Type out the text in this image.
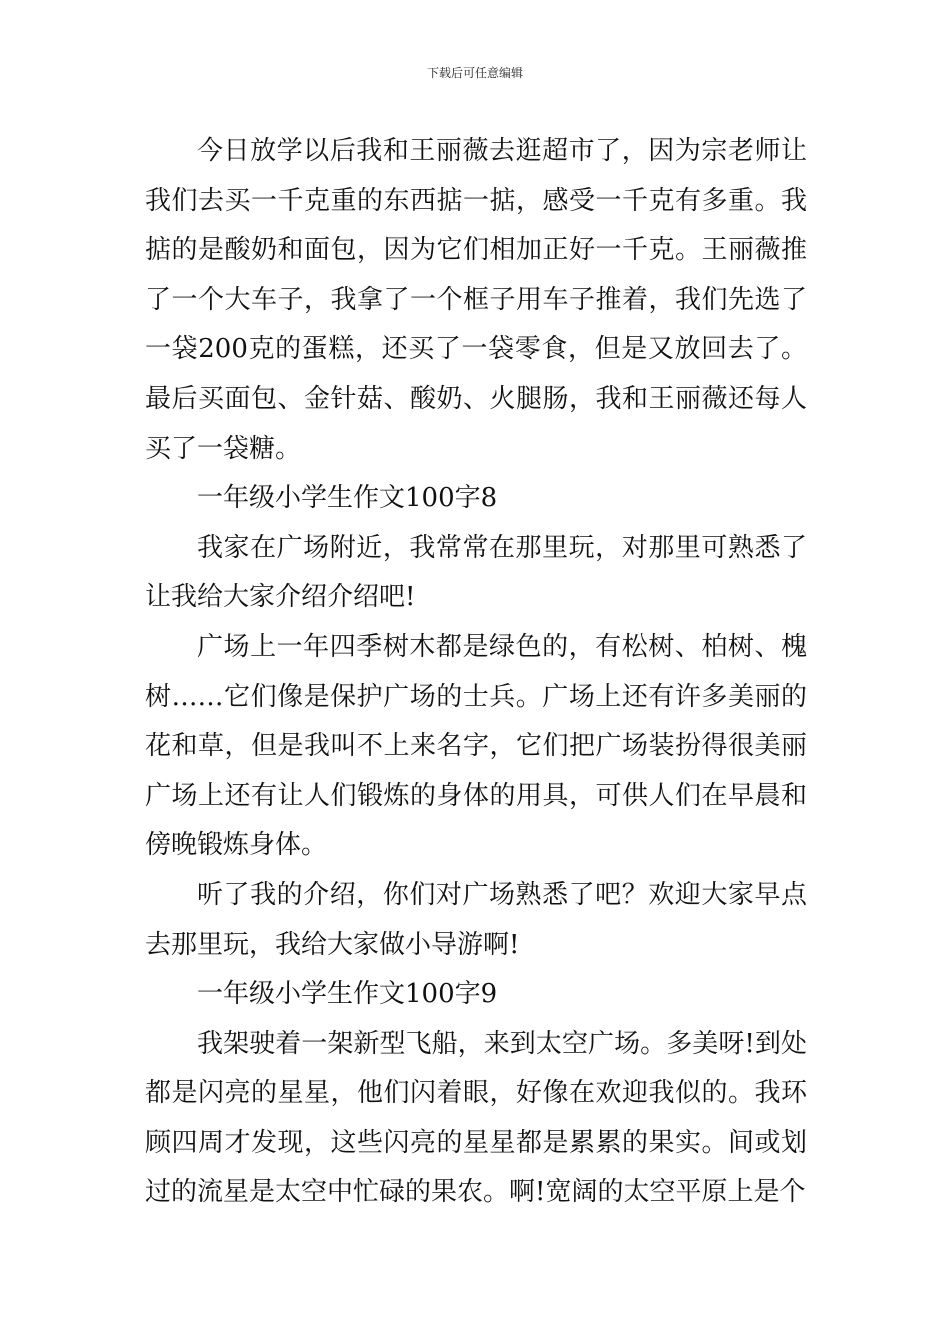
下载后可任意编辑

今日放学以后我和王丽薇去逛超市了，因为宗老师让我们去买一千克重的东西掂一掂，感受一千克有多重。我掂的是酸奶和面包，因为它们相加正好一千克。王丽薇推了一个大车子，我拿了一个框子用车子推着，我们先选了一袋200克的蛋糕，还买了一袋零食，但是又放回去了。最后买面包、金针菇、酸奶、火腿肠，我和王丽薇还每人买了一袋糖。

一年级小学生作文100字8

我家在广场附近，我常常在那里玩，对那里可熟悉了让我给大家介绍介绍吧!

广场上一年四季树木都是绿色的，有松树、柏树、槐树……它们像是保护广场的士兵。广场上还有许多美丽的花和草，但是我叫不上来名字，它们把广场装扮得很美丽广场上还有让人们锻炼的身体的用具，可供人们在早晨和傍晚锻炼身体。

听了我的介绍，你们对广场熟悉了吧？欢迎大家早点去那里玩，我给大家做小导游啊!

一年级小学生作文100字9

我架驶着一架新型飞船，来到太空广场。多美呀!到处都是闪亮的星星，他们闪着眼，好像在欢迎我似的。我环顾四周才发现，这些闪亮的星星都是累累的果实。间或划过的流星是太空中忙碌的果农。啊!宽阔的太空平原上是个
